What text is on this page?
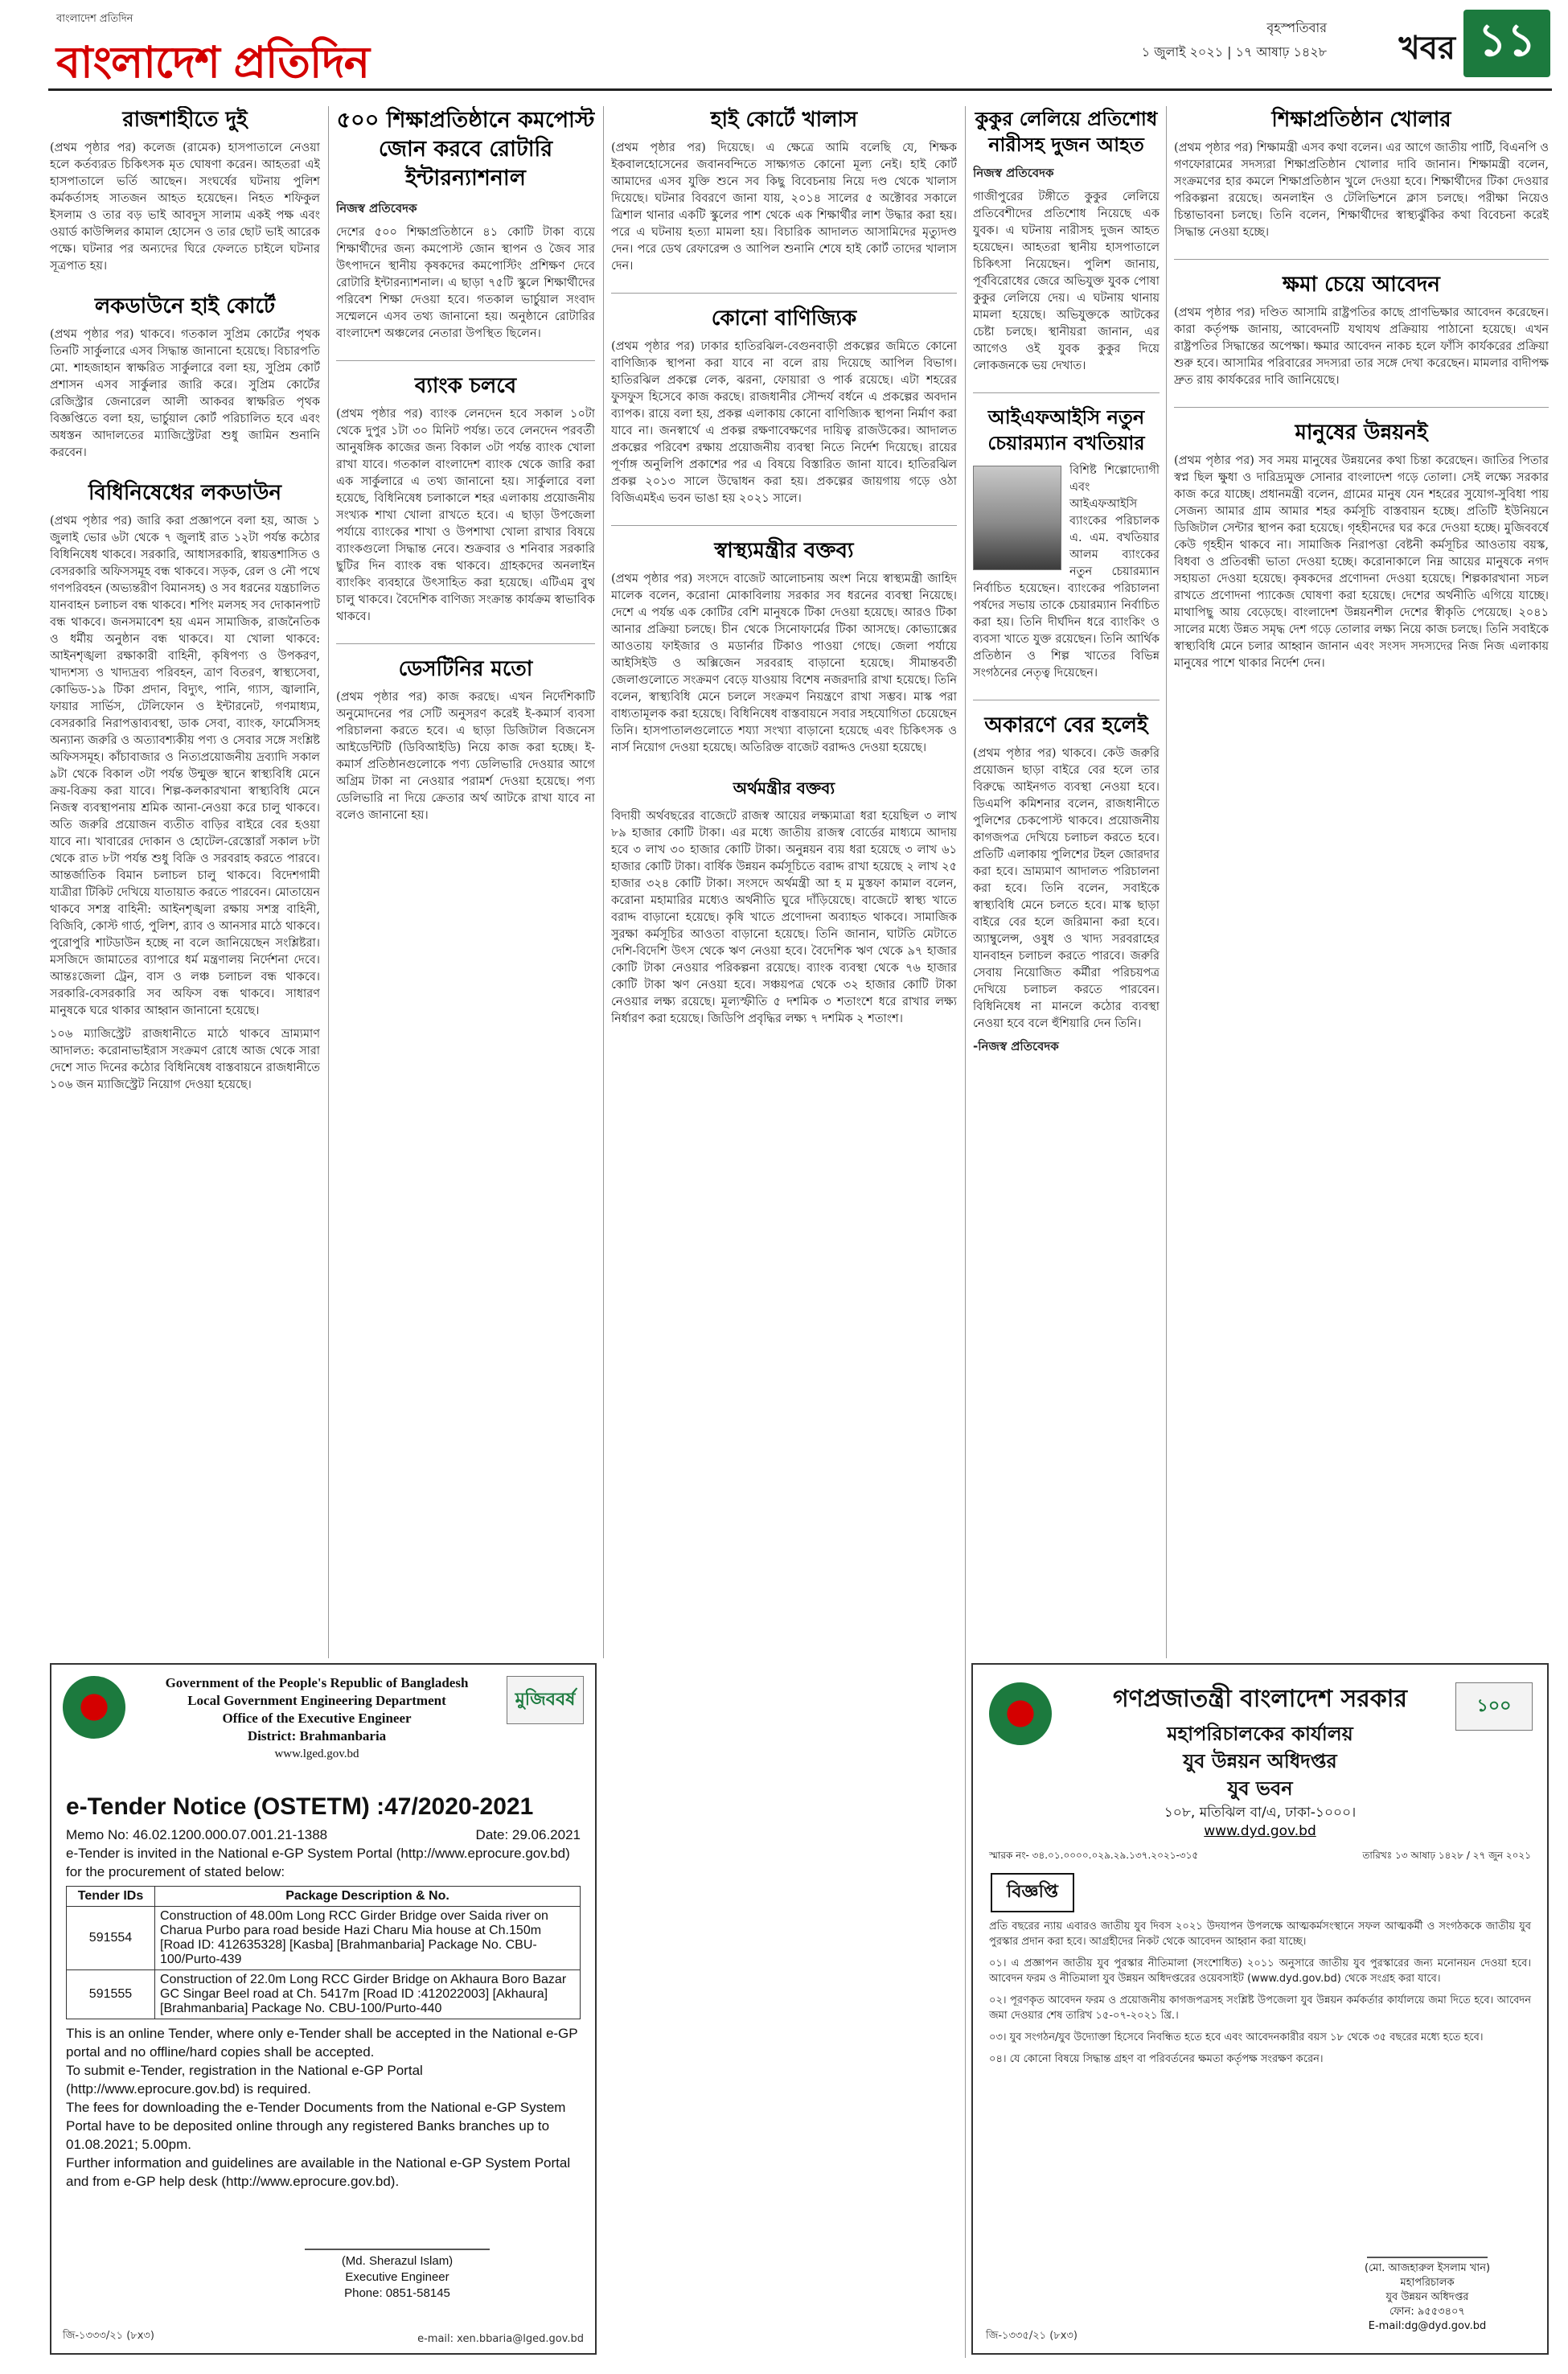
বাংলাদেশ প্রতিদিন
বাংলাদেশ প্রতিদিন
বৃহস্পতিবার
১ জুলাই ২০২১ | ১৭ আষাঢ় ১৪২৮ খবর ১১
রাজশাহীতে দুই
(প্রথম পৃষ্ঠার পর) কলেজ (রামেক) হাসপাতালে নেওয়া হলে কর্তব্যরত চিকিৎসক মৃত ঘোষণা করেন। আহতরা এই হাসপাতালে ভর্তি আছেন। সংঘর্ষের ঘটনায় পুলিশ কর্মকর্তাসহ সাতজন আহত হয়েছেন। নিহত শফিকুল ইসলাম ও তার বড় ভাই আবদুস সালাম একই পক্ষ এবং ওয়ার্ড কাউন্সিলর কামাল হোসেন ও তার ছোট ভাই আরেক পক্ষে। ঘটনার পর অন্যদের ঘিরে ফেলতে চাইলে ঘটনার সূত্রপাত হয়।
লকডাউনে হাই কোর্টে
(প্রথম পৃষ্ঠার পর) থাকবে। গতকাল সুপ্রিম কোর্টের পৃথক তিনটি সার্কুলারে এসব সিদ্ধান্ত জানানো হয়েছে। বিচারপতি মো. শাহজাহান স্বাক্ষরিত সার্কুলারে বলা হয়, সুপ্রিম কোর্ট প্রশাসন এসব সার্কুলার জারি করে। সুপ্রিম কোর্টের রেজিস্ট্রার জেনারেল আলী আকবর স্বাক্ষরিত পৃথক বিজ্ঞপ্তিতে বলা হয়, ভার্চুয়াল কোর্ট পরিচালিত হবে এবং অধস্তন আদালতের ম্যাজিস্ট্রেটরা শুধু জামিন শুনানি করবেন।
বিধিনিষেধের লকডাউন
(প্রথম পৃষ্ঠার পর) জারি করা প্রজ্ঞাপনে বলা হয়, আজ ১ জুলাই ভোর ৬টা থেকে ৭ জুলাই রাত ১২টা পর্যন্ত কঠোর বিধিনিষেধ থাকবে। সরকারি, আধাসরকারি, স্বায়ত্তশাসিত ও বেসরকারি অফিসসমূহ বন্ধ থাকবে। সড়ক, রেল ও নৌ পথে গণপরিবহন (অভ্যন্তরীণ বিমানসহ) ও সব ধরনের যন্ত্রচালিত যানবাহন চলাচল বন্ধ থাকবে। শপিং মলসহ সব দোকানপাট বন্ধ থাকবে। জনসমাবেশ হয় এমন সামাজিক, রাজনৈতিক ও ধর্মীয় অনুষ্ঠান বন্ধ থাকবে। যা খোলা থাকবে: আইনশৃঙ্খলা রক্ষাকারী বাহিনী, কৃষিপণ্য ও উপকরণ, খাদ্যশস্য ও খাদ্যদ্রব্য পরিবহন, ত্রাণ বিতরণ, স্বাস্থ্যসেবা, কোভিড-১৯ টিকা প্রদান, বিদ্যুৎ, পানি, গ্যাস, জ্বালানি, ফায়ার সার্ভিস, টেলিফোন ও ইন্টারনেট, গণমাধ্যম, বেসরকারি নিরাপত্তাব্যবস্থা, ডাক সেবা, ব্যাংক, ফার্মেসিসহ অন্যান্য জরুরি ও অত্যাবশ্যকীয় পণ্য ও সেবার সঙ্গে সংশ্লিষ্ট অফিসসমূহ। কাঁচাবাজার ও নিত্যপ্রয়োজনীয় দ্রব্যাদি সকাল ৯টা থেকে বিকাল ৩টা পর্যন্ত উন্মুক্ত স্থানে স্বাস্থ্যবিধি মেনে ক্রয়-বিক্রয় করা যাবে। শিল্প-কলকারখানা স্বাস্থ্যবিধি মেনে নিজস্ব ব্যবস্থাপনায় শ্রমিক আনা-নেওয়া করে চালু থাকবে। অতি জরুরি প্রয়োজন ব্যতীত বাড়ির বাইরে বের হওয়া যাবে না। খাবারের দোকান ও হোটেল-রেস্তোরাঁ সকাল ৮টা থেকে রাত ৮টা পর্যন্ত শুধু বিক্রি ও সরবরাহ করতে পারবে। আন্তর্জাতিক বিমান চলাচল চালু থাকবে। বিদেশগামী যাত্রীরা টিকিট দেখিয়ে যাতায়াত করতে পারবেন। মোতায়েন থাকবে সশস্ত্র বাহিনী: আইনশৃঙ্খলা রক্ষায় সশস্ত্র বাহিনী, বিজিবি, কোস্ট গার্ড, পুলিশ, র‌্যাব ও আনসার মাঠে থাকবে। পুরোপুরি শাটডাউন হচ্ছে না বলে জানিয়েছেন সংশ্লিষ্টরা। মসজিদে জামাতের ব্যাপারে ধর্ম মন্ত্রণালয় নির্দেশনা দেবে। আন্তঃজেলা ট্রেন, বাস ও লঞ্চ চলাচল বন্ধ থাকবে। সরকারি-বেসরকারি সব অফিস বন্ধ থাকবে। সাধারণ মানুষকে ঘরে থাকার আহ্বান জানানো হয়েছে।
১০৬ ম্যাজিস্ট্রেট রাজধানীতে মাঠে থাকবে ভ্রাম্যমাণ আদালত: করোনাভাইরাস সংক্রমণ রোধে আজ থেকে সারা দেশে সাত দিনের কঠোর বিধিনিষেধ বাস্তবায়নে রাজধানীতে ১০৬ জন ম্যাজিস্ট্রেট নিয়োগ দেওয়া হয়েছে।
৫০০ শিক্ষাপ্রতিষ্ঠানে কমপোস্ট জোন করবে রোটারি ইন্টারন্যাশনাল
নিজস্ব প্রতিবেদক
দেশের ৫০০ শিক্ষাপ্রতিষ্ঠানে ৪১ কোটি টাকা ব্যয়ে শিক্ষার্থীদের জন্য কমপোস্ট জোন স্থাপন ও জৈব সার উৎপাদনে স্থানীয় কৃষকদের কমপোস্টিং প্রশিক্ষণ দেবে রোটারি ইন্টারন্যাশনাল। এ ছাড়া ৭৫টি স্কুলে শিক্ষার্থীদের পরিবেশ শিক্ষা দেওয়া হবে। গতকাল ভার্চুয়াল সংবাদ সম্মেলনে এসব তথ্য জানানো হয়। অনুষ্ঠানে রোটারির বাংলাদেশ অঞ্চলের নেতারা উপস্থিত ছিলেন।
ব্যাংক চলবে
(প্রথম পৃষ্ঠার পর) ব্যাংক লেনদেন হবে সকাল ১০টা থেকে দুপুর ১টা ৩০ মিনিট পর্যন্ত। তবে লেনদেন পরবর্তী আনুষঙ্গিক কাজের জন্য বিকাল ৩টা পর্যন্ত ব্যাংক খোলা রাখা যাবে। গতকাল বাংলাদেশ ব্যাংক থেকে জারি করা এক সার্কুলারে এ তথ্য জানানো হয়। সার্কুলারে বলা হয়েছে, বিধিনিষেধ চলাকালে শহর এলাকায় প্রয়োজনীয় সংখ্যক শাখা খোলা রাখতে হবে। এ ছাড়া উপজেলা পর্যায়ে ব্যাংকের শাখা ও উপশাখা খোলা রাখার বিষয়ে ব্যাংকগুলো সিদ্ধান্ত নেবে। শুক্রবার ও শনিবার সরকারি ছুটির দিন ব্যাংক বন্ধ থাকবে। গ্রাহকদের অনলাইন ব্যাংকিং ব্যবহারে উৎসাহিত করা হয়েছে। এটিএম বুথ চালু থাকবে। বৈদেশিক বাণিজ্য সংক্রান্ত কার্যক্রম স্বাভাবিক থাকবে।
ডেসটিনির মতো
(প্রথম পৃষ্ঠার পর) কাজ করছে। এখন নির্দেশিকাটি অনুমোদনের পর সেটি অনুসরণ করেই ই-কমার্স ব্যবসা পরিচালনা করতে হবে। এ ছাড়া ডিজিটাল বিজনেস আইডেন্টিটি (ডিবিআইডি) নিয়ে কাজ করা হচ্ছে। ই-কমার্স প্রতিষ্ঠানগুলোকে পণ্য ডেলিভারি দেওয়ার আগে অগ্রিম টাকা না নেওয়ার পরামর্শ দেওয়া হয়েছে। পণ্য ডেলিভারি না দিয়ে ক্রেতার অর্থ আটকে রাখা যাবে না বলেও জানানো হয়।
হাই কোর্টে খালাস
(প্রথম পৃষ্ঠার পর) দিয়েছে। এ ক্ষেত্রে আমি বলেছি যে, শিক্ষক ইকবালহোসেনের জবানবন্দিতে সাক্ষ্যগত কোনো মূল্য নেই। হাই কোর্ট আমাদের এসব যুক্তি শুনে সব কিছু বিবেচনায় নিয়ে দণ্ড থেকে খালাস দিয়েছে। ঘটনার বিবরণে জানা যায়, ২০১৪ সালের ৫ অক্টোবর সকালে ত্রিশাল থানার একটি স্কুলের পাশ থেকে এক শিক্ষার্থীর লাশ উদ্ধার করা হয়। পরে এ ঘটনায় হত্যা মামলা হয়। বিচারিক আদালত আসামিদের মৃত্যুদণ্ড দেন। পরে ডেথ রেফারেন্স ও আপিল শুনানি শেষে হাই কোর্ট তাদের খালাস দেন।
কোনো বাণিজ্যিক
(প্রথম পৃষ্ঠার পর) ঢাকার হাতিরঝিল-বেগুনবাড়ী প্রকল্পের জমিতে কোনো বাণিজ্যিক স্থাপনা করা যাবে না বলে রায় দিয়েছে আপিল বিভাগ। হাতিরঝিল প্রকল্পে লেক, ঝরনা, ফোয়ারা ও পার্ক রয়েছে। এটা শহরের ফুসফুস হিসেবে কাজ করছে। রাজধানীর সৌন্দর্য বর্ধনে এ প্রকল্পের অবদান ব্যাপক। রায়ে বলা হয়, প্রকল্প এলাকায় কোনো বাণিজ্যিক স্থাপনা নির্মাণ করা যাবে না। জনস্বার্থে এ প্রকল্প রক্ষণাবেক্ষণের দায়িত্ব রাজউকের। আদালত প্রকল্পের পরিবেশ রক্ষায় প্রয়োজনীয় ব্যবস্থা নিতে নির্দেশ দিয়েছে। রায়ের পূর্ণাঙ্গ অনুলিপি প্রকাশের পর এ বিষয়ে বিস্তারিত জানা যাবে। হাতিরঝিল প্রকল্প ২০১৩ সালে উদ্বোধন করা হয়। প্রকল্পের জায়গায় গড়ে ওঠা বিজিএমইএ ভবন ভাঙা হয় ২০২১ সালে।
স্বাস্থ্যমন্ত্রীর বক্তব্য
(প্রথম পৃষ্ঠার পর) সংসদে বাজেট আলোচনায় অংশ নিয়ে স্বাস্থ্যমন্ত্রী জাহিদ মালেক বলেন, করোনা মোকাবিলায় সরকার সব ধরনের ব্যবস্থা নিয়েছে। দেশে এ পর্যন্ত এক কোটির বেশি মানুষকে টিকা দেওয়া হয়েছে। আরও টিকা আনার প্রক্রিয়া চলছে। চীন থেকে সিনোফার্মের টিকা আসছে। কোভ্যাক্সের আওতায় ফাইজার ও মডার্নার টিকাও পাওয়া গেছে। জেলা পর্যায়ে আইসিইউ ও অক্সিজেন সরবরাহ বাড়ানো হয়েছে। সীমান্তবর্তী জেলাগুলোতে সংক্রমণ বেড়ে যাওয়ায় বিশেষ নজরদারি রাখা হয়েছে। তিনি বলেন, স্বাস্থ্যবিধি মেনে চললে সংক্রমণ নিয়ন্ত্রণে রাখা সম্ভব। মাস্ক পরা বাধ্যতামূলক করা হয়েছে। বিধিনিষেধ বাস্তবায়নে সবার সহযোগিতা চেয়েছেন তিনি। হাসপাতালগুলোতে শয্যা সংখ্যা বাড়ানো হয়েছে এবং চিকিৎসক ও নার্স নিয়োগ দেওয়া হয়েছে। অতিরিক্ত বাজেট বরাদ্দও দেওয়া হয়েছে।
অর্থমন্ত্রীর বক্তব্য
বিদায়ী অর্থবছরের বাজেটে রাজস্ব আয়ের লক্ষ্যমাত্রা ধরা হয়েছিল ৩ লাখ ৮৯ হাজার কোটি টাকা। এর মধ্যে জাতীয় রাজস্ব বোর্ডের মাধ্যমে আদায় হবে ৩ লাখ ৩০ হাজার কোটি টাকা। অনুন্নয়ন ব্যয় ধরা হয়েছে ৩ লাখ ৬১ হাজার কোটি টাকা। বার্ষিক উন্নয়ন কর্মসূচিতে বরাদ্দ রাখা হয়েছে ২ লাখ ২৫ হাজার ৩২৪ কোটি টাকা। সংসদে অর্থমন্ত্রী আ হ ম মুস্তফা কামাল বলেন, করোনা মহামারির মধ্যেও অর্থনীতি ঘুরে দাঁড়িয়েছে। বাজেটে স্বাস্থ্য খাতে বরাদ্দ বাড়ানো হয়েছে। কৃষি খাতে প্রণোদনা অব্যাহত থাকবে। সামাজিক সুরক্ষা কর্মসূচির আওতা বাড়ানো হয়েছে। তিনি জানান, ঘাটতি মেটাতে দেশি-বিদেশি উৎস থেকে ঋণ নেওয়া হবে। বৈদেশিক ঋণ থেকে ৯৭ হাজার কোটি টাকা নেওয়ার পরিকল্পনা রয়েছে। ব্যাংক ব্যবস্থা থেকে ৭৬ হাজার কোটি টাকা ঋণ নেওয়া হবে। সঞ্চয়পত্র থেকে ৩২ হাজার কোটি টাকা নেওয়ার লক্ষ্য রয়েছে। মূল্যস্ফীতি ৫ দশমিক ৩ শতাংশে ধরে রাখার লক্ষ্য নির্ধারণ করা হয়েছে। জিডিপি প্রবৃদ্ধির লক্ষ্য ৭ দশমিক ২ শতাংশ।
কুকুর লেলিয়ে প্রতিশোধ নারীসহ দুজন আহত
নিজস্ব প্রতিবেদক
গাজীপুরের টঙ্গীতে কুকুর লেলিয়ে প্রতিবেশীদের প্রতিশোধ নিয়েছে এক যুবক। এ ঘটনায় নারীসহ দুজন আহত হয়েছেন। আহতরা স্থানীয় হাসপাতালে চিকিৎসা নিয়েছেন। পুলিশ জানায়, পূর্ববিরোধের জেরে অভিযুক্ত যুবক পোষা কুকুর লেলিয়ে দেয়। এ ঘটনায় থানায় মামলা হয়েছে। অভিযুক্তকে আটকের চেষ্টা চলছে। স্থানীয়রা জানান, এর আগেও ওই যুবক কুকুর দিয়ে লোকজনকে ভয় দেখাত।
আইএফআইসি নতুন চেয়ারম্যান বখতিয়ার
বিশিষ্ট শিল্পোদ্যোগী এবং আইএফআইসি ব্যাংকের পরিচালক এ. এম. বখতিয়ার আলম ব্যাংকের নতুন চেয়ারম্যান নির্বাচিত হয়েছেন। ব্যাংকের পরিচালনা পর্ষদের সভায় তাকে চেয়ারম্যান নির্বাচিত করা হয়। তিনি দীর্ঘদিন ধরে ব্যাংকিং ও ব্যবসা খাতে যুক্ত রয়েছেন। তিনি আর্থিক প্রতিষ্ঠান ও শিল্প খাতের বিভিন্ন সংগঠনের নেতৃত্ব দিয়েছেন।
অকারণে বের হলেই
(প্রথম পৃষ্ঠার পর) থাকবে। কেউ জরুরি প্রয়োজন ছাড়া বাইরে বের হলে তার বিরুদ্ধে আইনগত ব্যবস্থা নেওয়া হবে। ডিএমপি কমিশনার বলেন, রাজধানীতে পুলিশের চেকপোস্ট থাকবে। প্রয়োজনীয় কাগজপত্র দেখিয়ে চলাচল করতে হবে। প্রতিটি এলাকায় পুলিশের টহল জোরদার করা হবে। ভ্রাম্যমাণ আদালত পরিচালনা করা হবে। তিনি বলেন, সবাইকে স্বাস্থ্যবিধি মেনে চলতে হবে। মাস্ক ছাড়া বাইরে বের হলে জরিমানা করা হবে। অ্যাম্বুলেন্স, ওষুধ ও খাদ্য সরবরাহের যানবাহন চলাচল করতে পারবে। জরুরি সেবায় নিয়োজিত কর্মীরা পরিচয়পত্র দেখিয়ে চলাচল করতে পারবেন। বিধিনিষেধ না মানলে কঠোর ব্যবস্থা নেওয়া হবে বলে হুঁশিয়ারি দেন তিনি।
-নিজস্ব প্রতিবেদক
শিক্ষাপ্রতিষ্ঠান খোলার
(প্রথম পৃষ্ঠার পর) শিক্ষামন্ত্রী এসব কথা বলেন। এর আগে জাতীয় পার্টি, বিএনপি ও গণফোরামের সদস্যরা শিক্ষাপ্রতিষ্ঠান খোলার দাবি জানান। শিক্ষামন্ত্রী বলেন, সংক্রমণের হার কমলে শিক্ষাপ্রতিষ্ঠান খুলে দেওয়া হবে। শিক্ষার্থীদের টিকা দেওয়ার পরিকল্পনা রয়েছে। অনলাইন ও টেলিভিশনে ক্লাস চলছে। পরীক্ষা নিয়েও চিন্তাভাবনা চলছে। তিনি বলেন, শিক্ষার্থীদের স্বাস্থ্যঝুঁকির কথা বিবেচনা করেই সিদ্ধান্ত নেওয়া হচ্ছে।
ক্ষমা চেয়ে আবেদন
(প্রথম পৃষ্ঠার পর) দণ্ডিত আসামি রাষ্ট্রপতির কাছে প্রাণভিক্ষার আবেদন করেছেন। কারা কর্তৃপক্ষ জানায়, আবেদনটি যথাযথ প্রক্রিয়ায় পাঠানো হয়েছে। এখন রাষ্ট্রপতির সিদ্ধান্তের অপেক্ষা। ক্ষমার আবেদন নাকচ হলে ফাঁসি কার্যকরের প্রক্রিয়া শুরু হবে। আসামির পরিবারের সদস্যরা তার সঙ্গে দেখা করেছেন। মামলার বাদীপক্ষ দ্রুত রায় কার্যকরের দাবি জানিয়েছে।
মানুষের উন্নয়নই
(প্রথম পৃষ্ঠার পর) সব সময় মানুষের উন্নয়নের কথা চিন্তা করেছেন। জাতির পিতার স্বপ্ন ছিল ক্ষুধা ও দারিদ্র্যমুক্ত সোনার বাংলাদেশ গড়ে তোলা। সেই লক্ষ্যে সরকার কাজ করে যাচ্ছে। প্রধানমন্ত্রী বলেন, গ্রামের মানুষ যেন শহরের সুযোগ-সুবিধা পায় সেজন্য আমার গ্রাম আমার শহর কর্মসূচি বাস্তবায়ন হচ্ছে। প্রতিটি ইউনিয়নে ডিজিটাল সেন্টার স্থাপন করা হয়েছে। গৃহহীনদের ঘর করে দেওয়া হচ্ছে। মুজিববর্ষে কেউ গৃহহীন থাকবে না। সামাজিক নিরাপত্তা বেষ্টনী কর্মসূচির আওতায় বয়স্ক, বিধবা ও প্রতিবন্ধী ভাতা দেওয়া হচ্ছে। করোনাকালে নিম্ন আয়ের মানুষকে নগদ সহায়তা দেওয়া হয়েছে। কৃষকদের প্রণোদনা দেওয়া হয়েছে। শিল্পকারখানা সচল রাখতে প্রণোদনা প্যাকেজ ঘোষণা করা হয়েছে। দেশের অর্থনীতি এগিয়ে যাচ্ছে। মাথাপিছু আয় বেড়েছে। বাংলাদেশ উন্নয়নশীল দেশের স্বীকৃতি পেয়েছে। ২০৪১ সালের মধ্যে উন্নত সমৃদ্ধ দেশ গড়ে তোলার লক্ষ্য নিয়ে কাজ চলছে। তিনি সবাইকে স্বাস্থ্যবিধি মেনে চলার আহ্বান জানান এবং সংসদ সদস্যদের নিজ নিজ এলাকায় মানুষের পাশে থাকার নির্দেশ দেন।
মুজিববর্ষ
Government of the People's Republic of Bangladesh
Local Government Engineering Department
Office of the Executive Engineer
District: Brahmanbaria
www.lged.gov.bd
e-Tender Notice (OSTETM) :47/2020-2021
Memo No: 46.02.1200.000.07.001.21-1388	Date: 29.06.2021
e-Tender is invited in the National e-GP System Portal (http://www.eprocure.gov.bd) for the procurement of stated below:
Tender IDs	Package Description & No.
591554	Construction of 48.00m Long RCC Girder Bridge over Saida river on Charua Purbo para road beside Hazi Charu Mia house at Ch.150m [Road ID: 412635328] [Kasba] [Brahmanbaria] Package No. CBU-100/Purto-439
591555	Construction of 22.0m Long RCC Girder Bridge on Akhaura Boro Bazar GC Singar Beel road at Ch. 5417m [Road ID :412022003] [Akhaura] [Brahmanbaria] Package No. CBU-100/Purto-440
This is an online Tender, where only e-Tender shall be accepted in the National e-GP portal and no offline/hard copies shall be accepted.
To submit e-Tender, registration in the National e-GP Portal (http://www.eprocure.gov.bd) is required.
The fees for downloading the e-Tender Documents from the National e-GP System Portal have to be deposited online through any registered Banks branches up to 01.08.2021; 5.00pm.
Further information and guidelines are available in the National e-GP System Portal and from e-GP help desk (http://www.eprocure.gov.bd).
(Md. Sherazul Islam)
Executive Engineer
Phone: 0851-58145
জি-১৩৩৩/২১ (৮x৩)	e-mail: xen.bbaria@lged.gov.bd
১০০
গণপ্রজাতন্ত্রী বাংলাদেশ সরকার
মহাপরিচালকের কার্যালয়
যুব উন্নয়ন অধিদপ্তর
যুব ভবন
১০৮, মতিঝিল বা/এ, ঢাকা-১০০০।
www.dyd.gov.bd
স্মারক নং- ৩৪.০১.০০০০.০২৯.২৯.১৩৭.২০২১-৩১৫	তারিখঃ ১৩ আষাঢ় ১৪২৮ / ২৭ জুন ২০২১
বিজ্ঞপ্তি
প্রতি বছরের ন্যায় এবারও জাতীয় যুব দিবস ২০২১ উদযাপন উপলক্ষে আত্মকর্মসংস্থানে সফল আত্মকর্মী ও সংগঠককে জাতীয় যুব পুরস্কার প্রদান করা হবে। আগ্রহীদের নিকট থেকে আবেদন আহ্বান করা যাচ্ছে।
০১। এ প্রজ্ঞাপন জাতীয় যুব পুরস্কার নীতিমালা (সংশোধিত) ২০১১ অনুসারে জাতীয় যুব পুরস্কারের জন্য মনোনয়ন দেওয়া হবে। আবেদন ফরম ও নীতিমালা যুব উন্নয়ন অধিদপ্তরের ওয়েবসাইট (www.dyd.gov.bd) থেকে সংগ্রহ করা যাবে।
০২। পূরণকৃত আবেদন ফরম ও প্রয়োজনীয় কাগজপত্রসহ সংশ্লিষ্ট উপজেলা যুব উন্নয়ন কর্মকর্তার কার্যালয়ে জমা দিতে হবে। আবেদন জমা দেওয়ার শেষ তারিখ ১৫-০৭-২০২১ খ্রি.।
০৩। যুব সংগঠন/যুব উদ্যোক্তা হিসেবে নিবন্ধিত হতে হবে এবং আবেদনকারীর বয়স ১৮ থেকে ৩৫ বছরের মধ্যে হতে হবে।
০৪। যে কোনো বিষয়ে সিদ্ধান্ত গ্রহণ বা পরিবর্তনের ক্ষমতা কর্তৃপক্ষ সংরক্ষণ করেন।
(মো. আজহারুল ইসলাম খান)
মহাপরিচালক
যুব উন্নয়ন অধিদপ্তর
ফোন: ৯৫৫৩৪০৭
E-mail:dg@dyd.gov.bd
জি-১৩৩৫/২১ (৮x৩)
